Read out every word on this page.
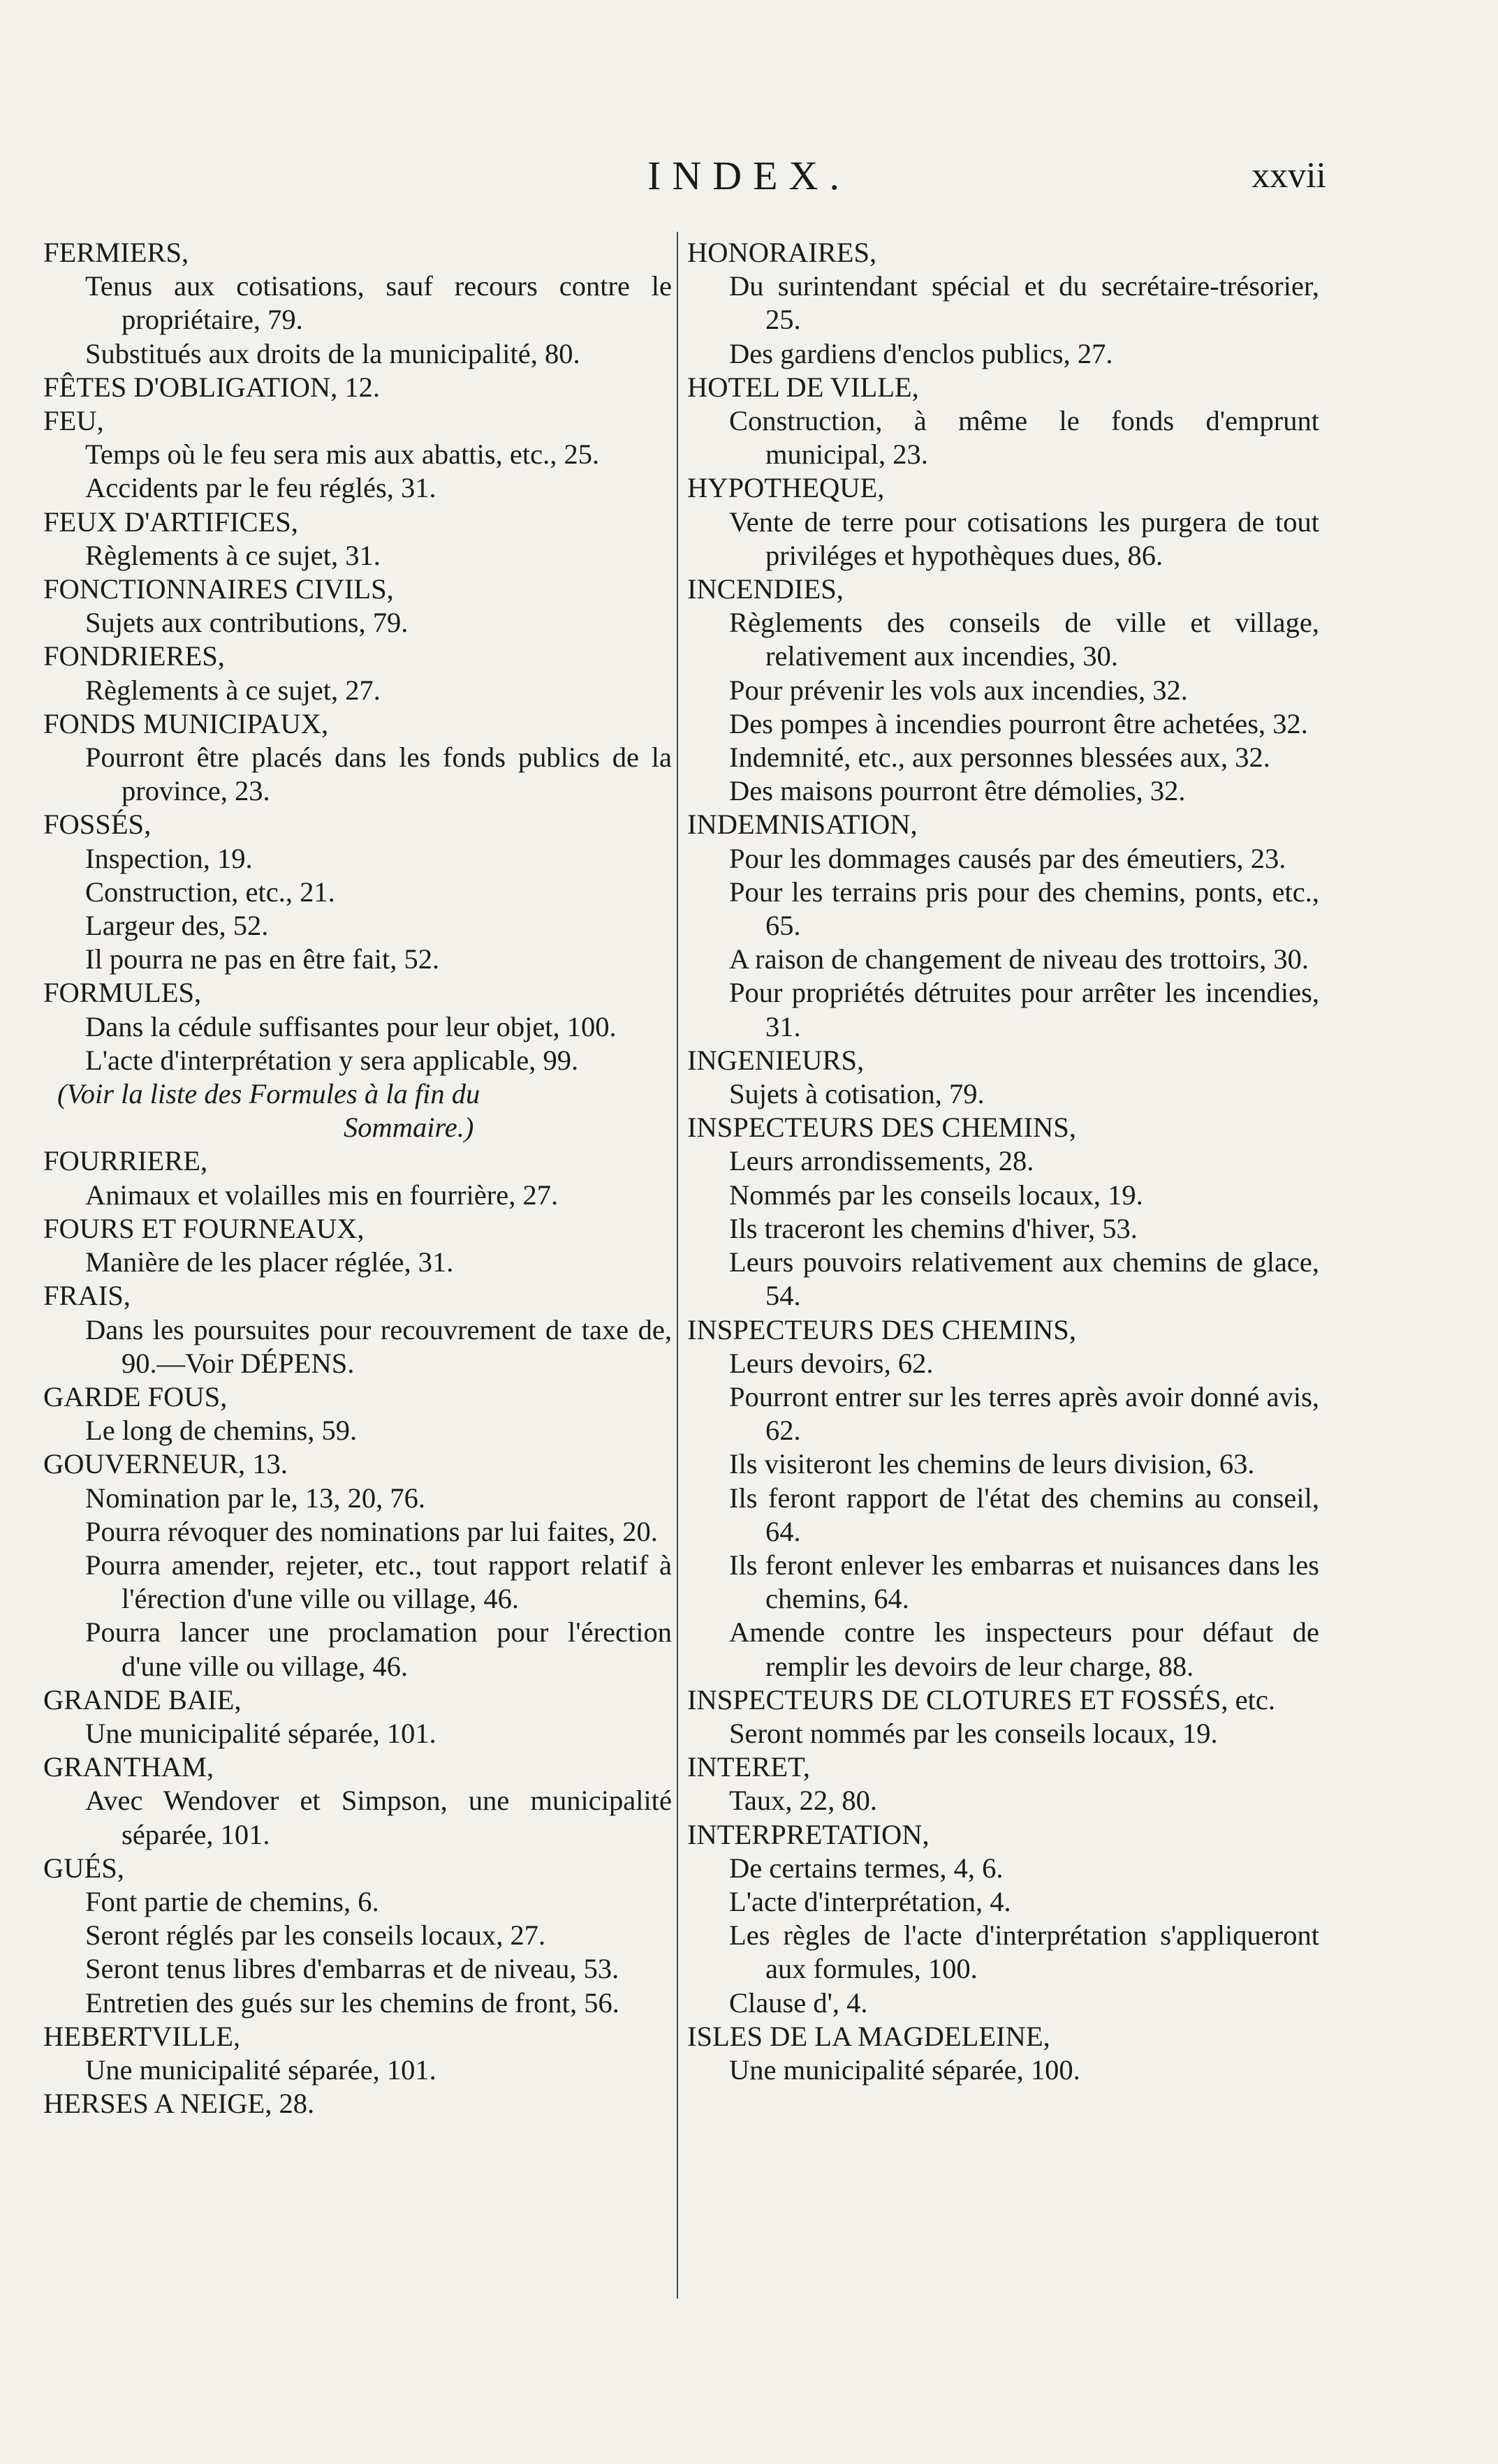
INDEX.	xxvii
FERMIERS,
Tenus aux cotisations, sauf recours contre le propriétaire, 79.
Substitués aux droits de la municipalité, 80.
FÊTES D'OBLIGATION, 12.
FEU,
Temps où le feu sera mis aux abattis, etc., 25.
Accidents par le feu réglés, 31.
FEUX D'ARTIFICES,
Règlements à ce sujet, 31.
FONCTIONNAIRES CIVILS,
Sujets aux contributions, 79.
FONDRIERES,
Règlements à ce sujet, 27.
FONDS MUNICIPAUX,
Pourront être placés dans les fonds publics de la province, 23.
FOSSÉS,
Inspection, 19.
Construction, etc., 21.
Largeur des, 52.
Il pourra ne pas en être fait, 52.
FORMULES,
Dans la cédule suffisantes pour leur objet, 100.
L'acte d'interprétation y sera applicable, 99.
(Voir la liste des Formules à la fin du
Sommaire.)
FOURRIERE,
Animaux et volailles mis en fourrière, 27.
FOURS ET FOURNEAUX,
Manière de les placer réglée, 31.
FRAIS,
Dans les poursuites pour recouvrement de taxe de, 90.—Voir DÉPENS.
GARDE FOUS,
Le long de chemins, 59.
GOUVERNEUR, 13.
Nomination par le, 13, 20, 76.
Pourra révoquer des nominations par lui faites, 20.
Pourra amender, rejeter, etc., tout rapport relatif à l'érection d'une ville ou village, 46.
Pourra lancer une proclamation pour l'érection d'une ville ou village, 46.
GRANDE BAIE,
Une municipalité séparée, 101.
GRANTHAM,
Avec Wendover et Simpson, une municipalité séparée, 101.
GUÉS,
Font partie de chemins, 6.
Seront réglés par les conseils locaux, 27.
Seront tenus libres d'embarras et de niveau, 53.
Entretien des gués sur les chemins de front, 56.
HEBERTVILLE,
Une municipalité séparée, 101.
HERSES A NEIGE, 28.
HONORAIRES,
Du surintendant spécial et du secrétaire-trésorier, 25.
Des gardiens d'enclos publics, 27.
HOTEL DE VILLE,
Construction, à même le fonds d'emprunt municipal, 23.
HYPOTHEQUE,
Vente de terre pour cotisations les purgera de tout priviléges et hypothèques dues, 86.
INCENDIES,
Règlements des conseils de ville et village, relativement aux incendies, 30.
Pour prévenir les vols aux incendies, 32.
Des pompes à incendies pourront être achetées, 32.
Indemnité, etc., aux personnes blessées aux, 32.
Des maisons pourront être démolies, 32.
INDEMNISATION,
Pour les dommages causés par des émeutiers, 23.
Pour les terrains pris pour des chemins, ponts, etc., 65.
A raison de changement de niveau des trottoirs, 30.
Pour propriétés détruites pour arrêter les incendies, 31.
INGENIEURS,
Sujets à cotisation, 79.
INSPECTEURS DES CHEMINS,
Leurs arrondissements, 28.
Nommés par les conseils locaux, 19.
Ils traceront les chemins d'hiver, 53.
Leurs pouvoirs relativement aux chemins de glace, 54.
INSPECTEURS DES CHEMINS,
Leurs devoirs, 62.
Pourront entrer sur les terres après avoir donné avis, 62.
Ils visiteront les chemins de leurs division, 63.
Ils feront rapport de l'état des chemins au conseil, 64.
Ils feront enlever les embarras et nuisances dans les chemins, 64.
Amende contre les inspecteurs pour défaut de remplir les devoirs de leur charge, 88.
INSPECTEURS DE CLOTURES ET FOSSÉS, etc.
Seront nommés par les conseils locaux, 19.
INTERET,
Taux, 22, 80.
INTERPRETATION,
De certains termes, 4, 6.
L'acte d'interprétation, 4.
Les règles de l'acte d'interprétation s'appliqueront aux formules, 100.
Clause d', 4.
ISLES DE LA MAGDELEINE,
Une municipalité séparée, 100.
